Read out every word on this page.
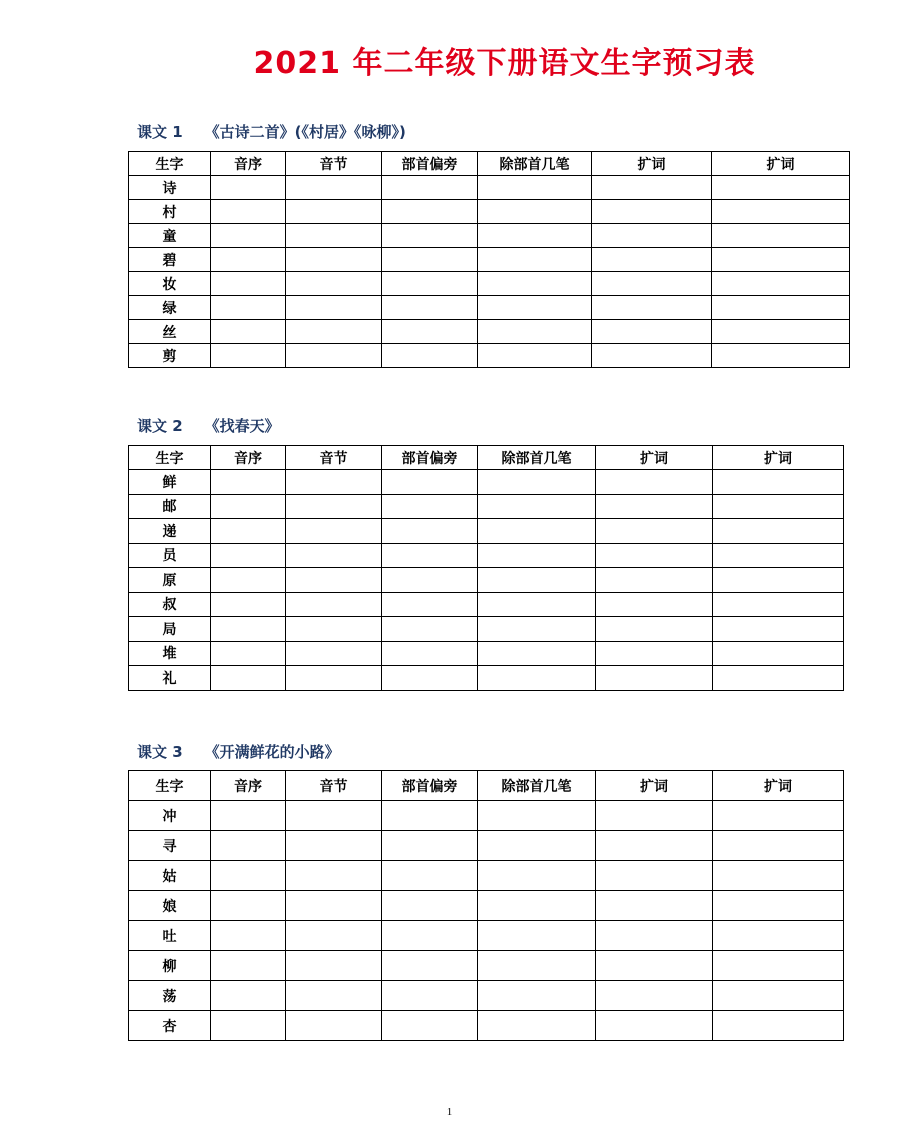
2021 年二年级下册语文生字预习表
课文 1 《古诗二首》(《村居》《咏柳》)
生字	音序	音节	部首偏旁	除部首几笔	扩词	扩词
诗						
村						
童						
碧						
妆						
绿						
丝						
剪						
课文 2 《找春天》
生字	音序	音节	部首偏旁	除部首几笔	扩词	扩词
鲜						
邮						
递						
员						
原						
叔						
局						
堆						
礼						
课文 3 《开满鲜花的小路》
生字	音序	音节	部首偏旁	除部首几笔	扩词	扩词
冲						
寻						
姑						
娘						
吐						
柳						
荡						
杏						
1
